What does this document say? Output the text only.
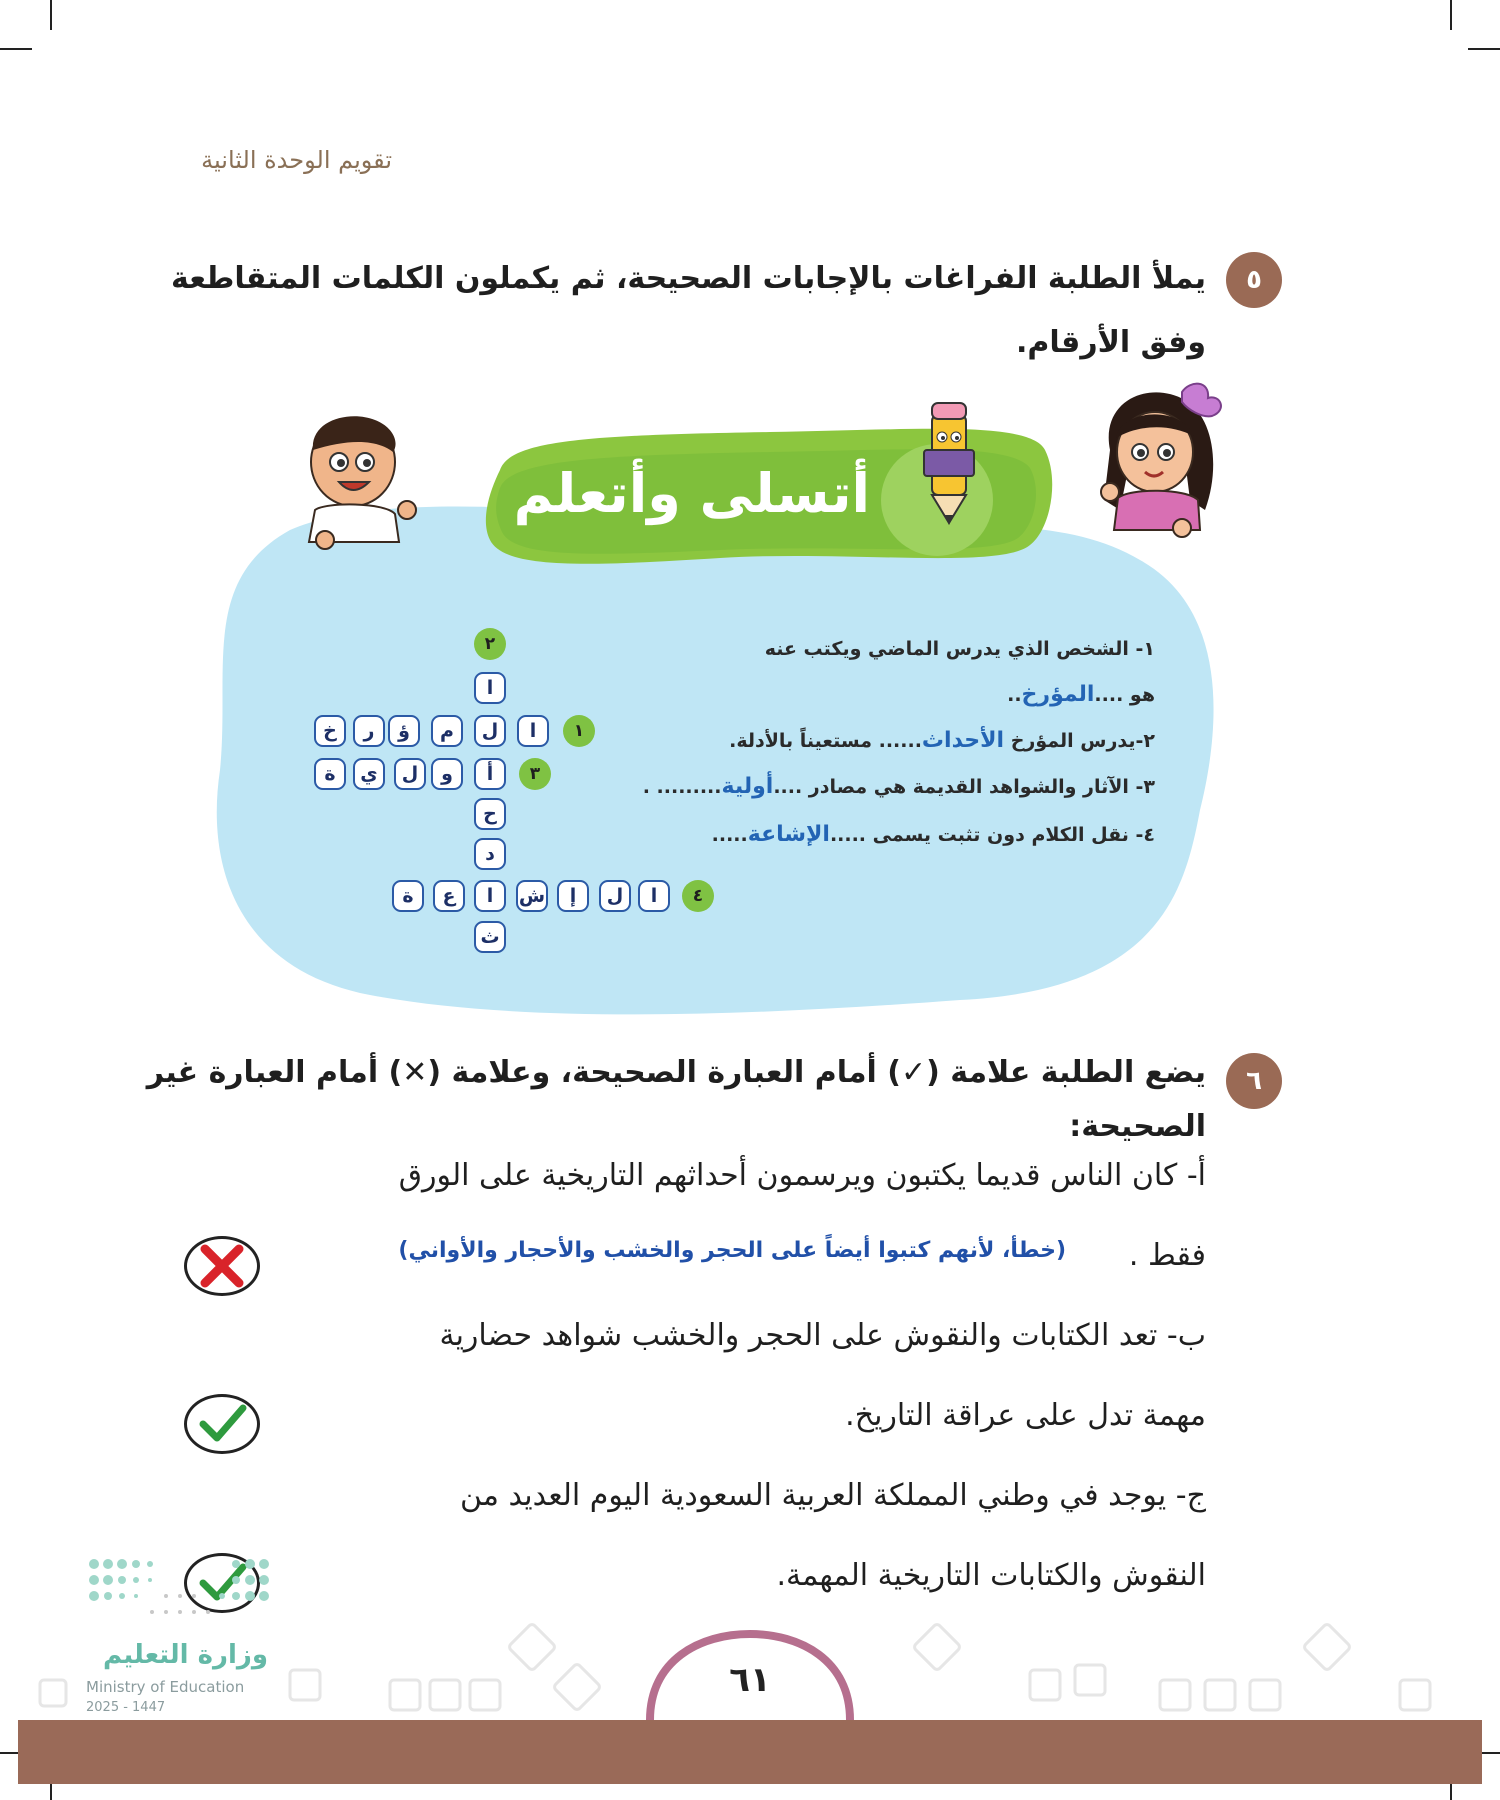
تقويم الوحدة الثانية
٥
يملأ الطلبة الفراغات بالإجابات الصحيحة، ثم يكملون الكلمات المتقاطعة
وفق الأرقام.
أتسلى وأتعلم
١- الشخص الذي يدرس الماضي ويكتب عنه
هو ....المؤرخ..
٢-يدرس المؤرخ الأحداث...... مستعيناً بالأدلة.
٣- الآثار والشواهد القديمة هي مصادر ....أولية......... .
٤- نقل الكلام دون تثبت يسمى .....الإشاعة.....
٢
ا
١
ا
ل
م
ؤ
ر
خ
٣
أ
و
ل
ي
ة
ح
د
٤
ا
ل
إ
ش
ا
ع
ة
ث
٦
يضع الطلبة علامة (✓) أمام العبارة الصحيحة، وعلامة (✕) أمام العبارة غير
الصحيحة:
أ- كان الناس قديما يكتبون ويرسمون أحداثهم التاريخية على الورق
فقط .
(خطأ، لأنهم كتبوا أيضاً على الحجر والخشب والأحجار والأواني)
ب- تعد الكتابات والنقوش على الحجر والخشب شواهد حضارية
مهمة تدل على عراقة التاريخ.
ج- يوجد في وطني المملكة العربية السعودية اليوم العديد من
النقوش والكتابات التاريخية المهمة.
٦١
وزارة التعليم
Ministry of Education
2025 - 1447
